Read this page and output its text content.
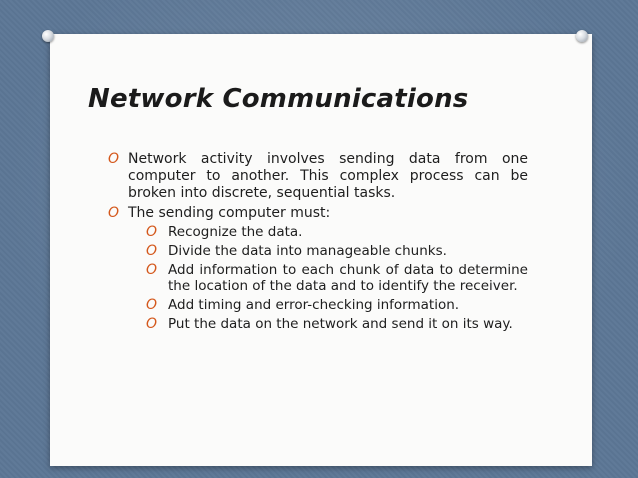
Network Communications
O Network activity involves sending data from one computer to another. This complex process can be broken into discrete, sequential tasks.
O The sending computer must:
O Recognize the data.
O Divide the data into manageable chunks.
O Add information to each chunk of data to determine the location of the data and to identify the receiver.
O Add timing and error-checking information.
O Put the data on the network and send it on its way.
